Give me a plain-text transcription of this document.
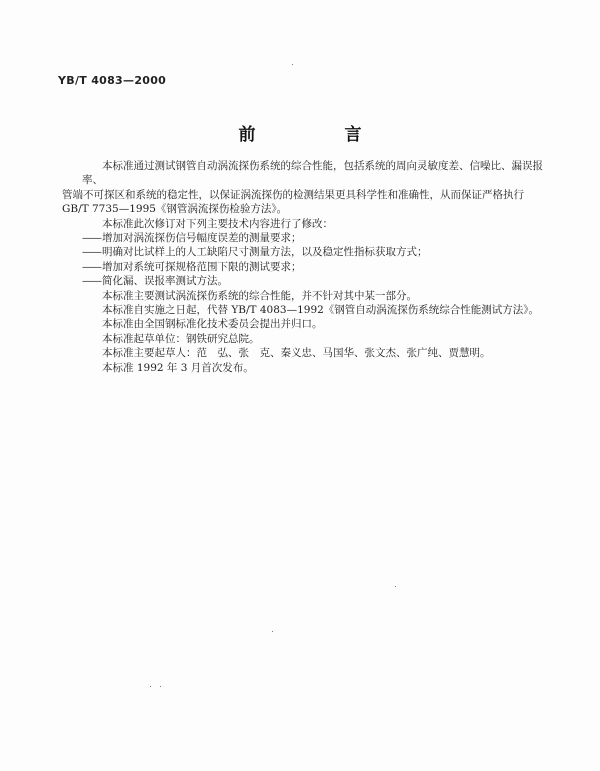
YB/T 4083—2000
前　言

本标准通过测试钢管自动涡流探伤系统的综合性能，包括系统的周向灵敏度差、信噪比、漏误报率、
管端不可探区和系统的稳定性，以保证涡流探伤的检测结果更具科学性和准确性，从而保证严格执行
GB/T 7735—1995《钢管涡流探伤检验方法》。

本标准此次修订对下列主要技术内容进行了修改：

——增加对涡流探伤信号幅度误差的测量要求；

——明确对比试样上的人工缺陷尺寸测量方法，以及稳定性指标获取方式；

——增加对系统可探规格范围下限的测试要求；

——简化漏、误报率测试方法。

本标准主要测试涡流探伤系统的综合性能，并不针对其中某一部分。

本标准自实施之日起，代替 YB/T 4083—1992《钢管自动涡流探伤系统综合性能测试方法》。

本标准由全国钢标准化技术委员会提出并归口。

本标准起草单位：钢铁研究总院。

本标准主要起草人：范　弘、张　克、秦义忠、马国华、张文杰、张广纯、贾慧明。

本标准 1992 年 3 月首次发布。
